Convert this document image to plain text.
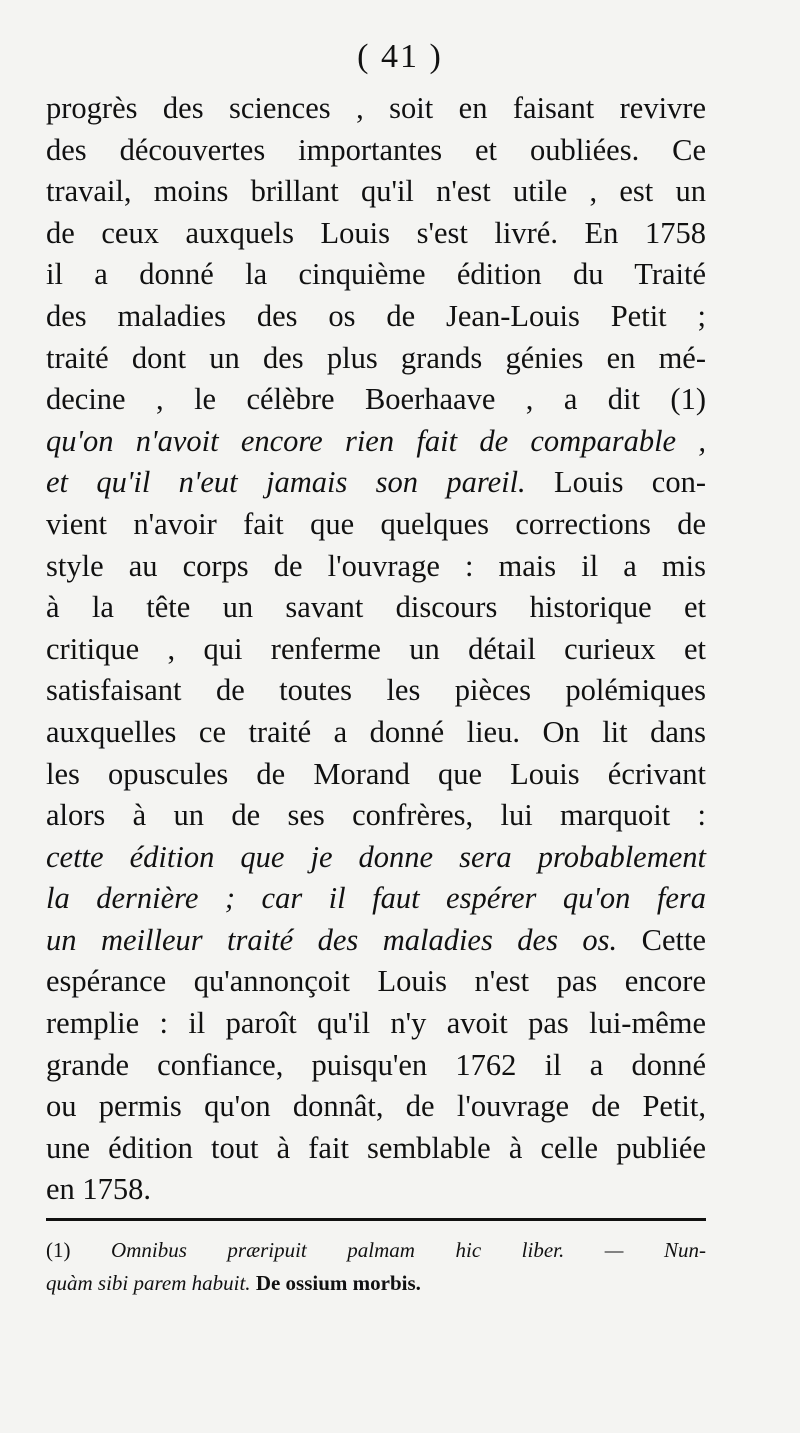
( 41 )
progrès des sciences , soit en faisant revivre
des découvertes importantes et oubliées. Ce
travail, moins brillant qu'il n'est utile , est un
de ceux auxquels Louis s'est livré. En 1758
il a donné la cinquième édition du Traité
des maladies des os de Jean-Louis Petit ;
traité dont un des plus grands génies en mé-
decine , le célèbre Boerhaave , a dit (1)
qu'on n'avoit encore rien fait de comparable ,
et qu'il n'eut jamais son pareil. Louis con-
vient n'avoir fait que quelques corrections de
style au corps de l'ouvrage : mais il a mis
à la tête un savant discours historique et
critique , qui renferme un détail curieux et
satisfaisant de toutes les pièces polémiques
auxquelles ce traité a donné lieu. On lit dans
les opuscules de Morand que Louis écrivant
alors à un de ses confrères, lui marquoit :
cette édition que je donne sera probablement
la dernière ; car il faut espérer qu'on fera
un meilleur traité des maladies des os. Cette
espérance qu'annonçoit Louis n'est pas encore
remplie : il paroît qu'il n'y avoit pas lui-même
grande confiance, puisqu'en 1762 il a donné
ou permis qu'on donnât, de l'ouvrage de Petit,
une édition tout à fait semblable à celle publiée
en 1758.
(1) Omnibus præripuit palmam hic liber. — Nun-
quàm sibi parem habuit. De ossium morbis.
